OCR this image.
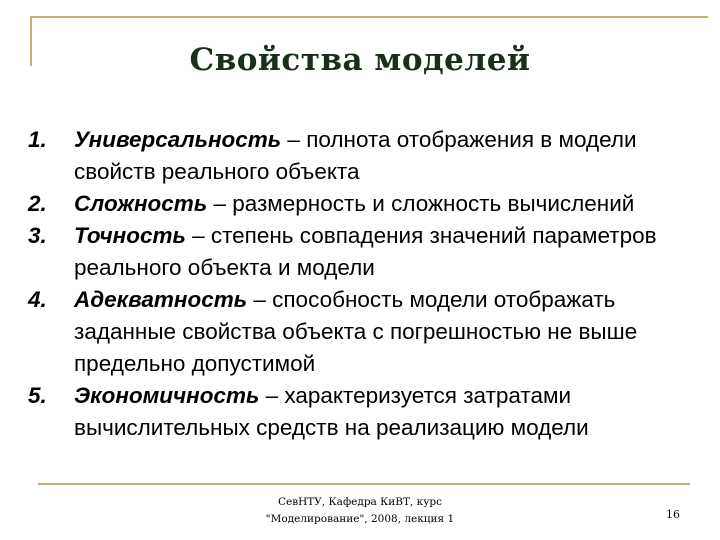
Свойства моделей
1. Универсальность – полнота отображения в модели свойств реального объекта
2. Сложность – размерность и сложность вычислений
3. Точность – степень совпадения значений параметров реального объекта и модели
4. Адекватность – способность модели отображать заданные свойства объекта с погрешностью не выше предельно допустимой
5. Экономичность – характеризуется затратами вычислительных средств на реализацию модели
СевНТУ, Кафедра КиВТ, курс
"Моделирование", 2008, лекция 1	16
